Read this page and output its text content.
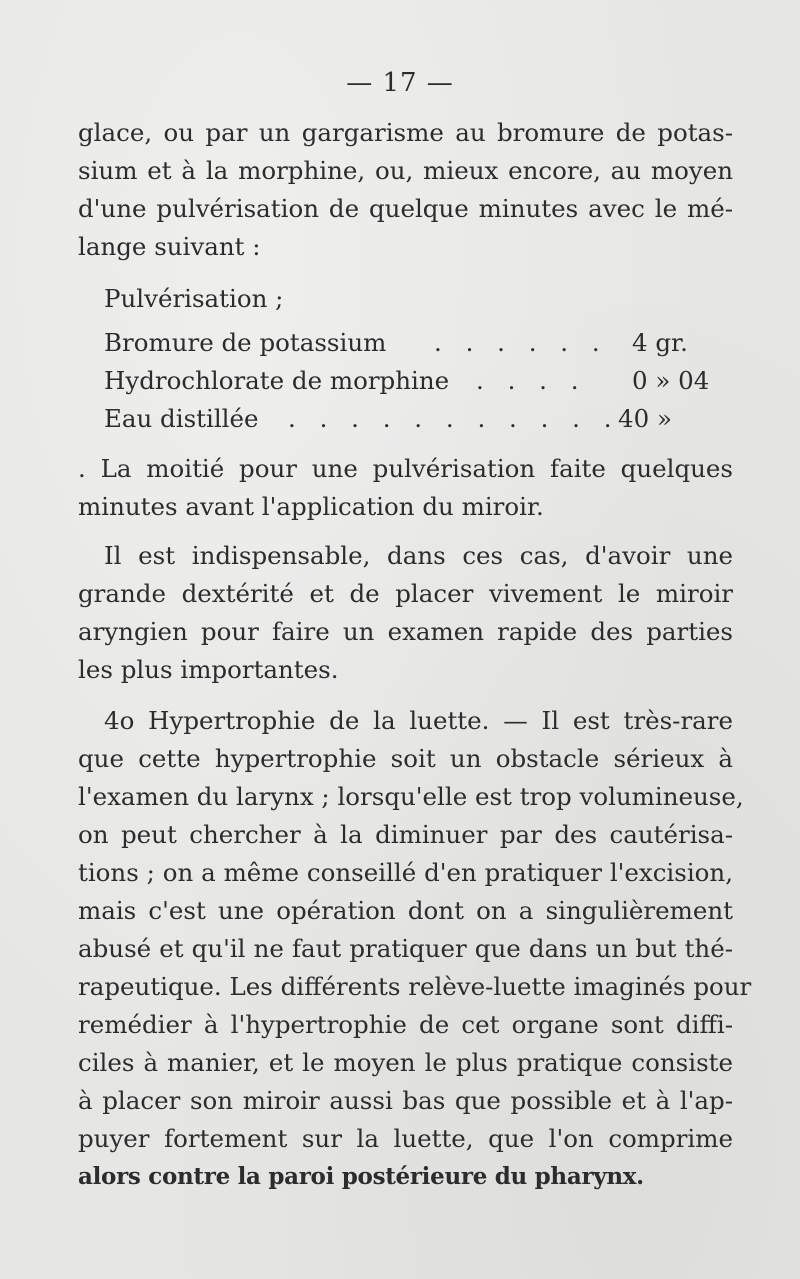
— 17 —
glace, ou par un gargarisme au bromure de potas-
sium et à la morphine, ou, mieux encore, au moyen
d'une pulvérisation de quelque minutes avec le mé-
lange suivant :
Pulvérisation ;
Bromure de potassium . . . . . . 4 gr.
Hydrochlorate de morphine . . . . 0 » 04
Eau distillée . . . . . . . . . . .
40 »
. La moitié pour une pulvérisation faite quelques
minutes avant l'application du miroir.
Il est indispensable, dans ces cas, d'avoir une
grande dextérité et de placer vivement le miroir
aryngien pour faire un examen rapide des parties
les plus importantes.
4o Hypertrophie de la luette. — Il est très-rare
que cette hypertrophie soit un obstacle sérieux à
l'examen du larynx ; lorsqu'elle est trop volumineuse,
on peut chercher à la diminuer par des cautérisa-
tions ; on a même conseillé d'en pratiquer l'excision,
mais c'est une opération dont on a singulièrement
abusé et qu'il ne faut pratiquer que dans un but thé-
rapeutique. Les différents relève-luette imaginés pour
remédier à l'hypertrophie de cet organe sont diffi-
ciles à manier, et le moyen le plus pratique consiste
à placer son miroir aussi bas que possible et à l'ap-
puyer fortement sur la luette, que l'on comprime
alors contre la paroi postérieure du pharynx.
